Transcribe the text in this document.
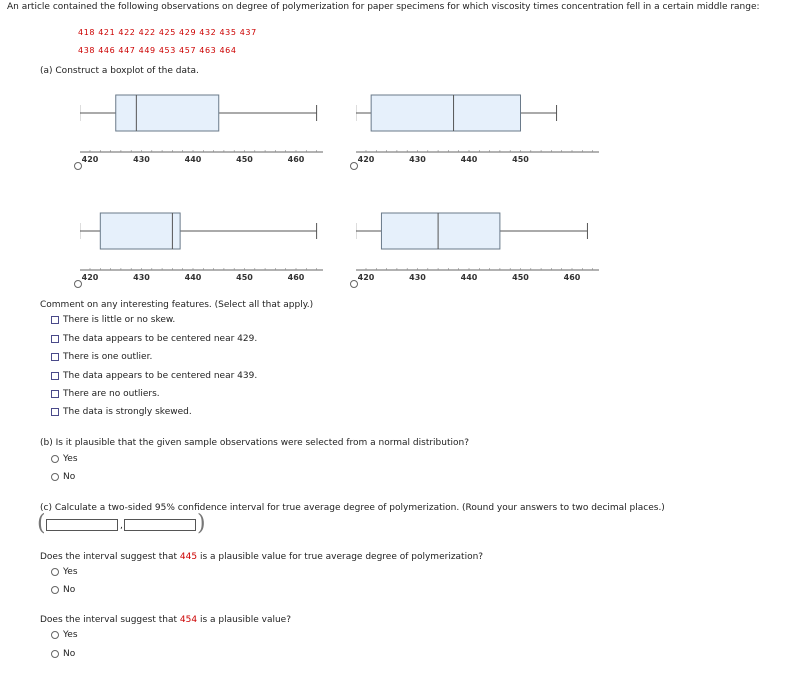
An article contained the following observations on degree of polymerization for paper specimens for which viscosity times concentration fell in a certain middle range:
418 421 422 422 425 429 432 435 437
438 446 447 449 453 457 463 464
(a) Construct a boxplot of the data.
420	430	440	450	460	420	430	440	450
420	430	440	450	460	420	430	440	450	460
Comment on any interesting features. (Select all that apply.)
There is little or no skew.
The data appears to be centered near 429.
There is one outlier.
The data appears to be centered near 439.
There are no outliers.
The data is strongly skewed.
(b) Is it plausible that the given sample observations were selected from a normal distribution?
Yes
No
(c) Calculate a two-sided 95% confidence interval for true average degree of polymerization. (Round your answers to two decimal places.)
(	,	)
Does the interval suggest that 445 is a plausible value for true average degree of polymerization?
Yes
No
Does the interval suggest that 454 is a plausible value?
Yes
No
